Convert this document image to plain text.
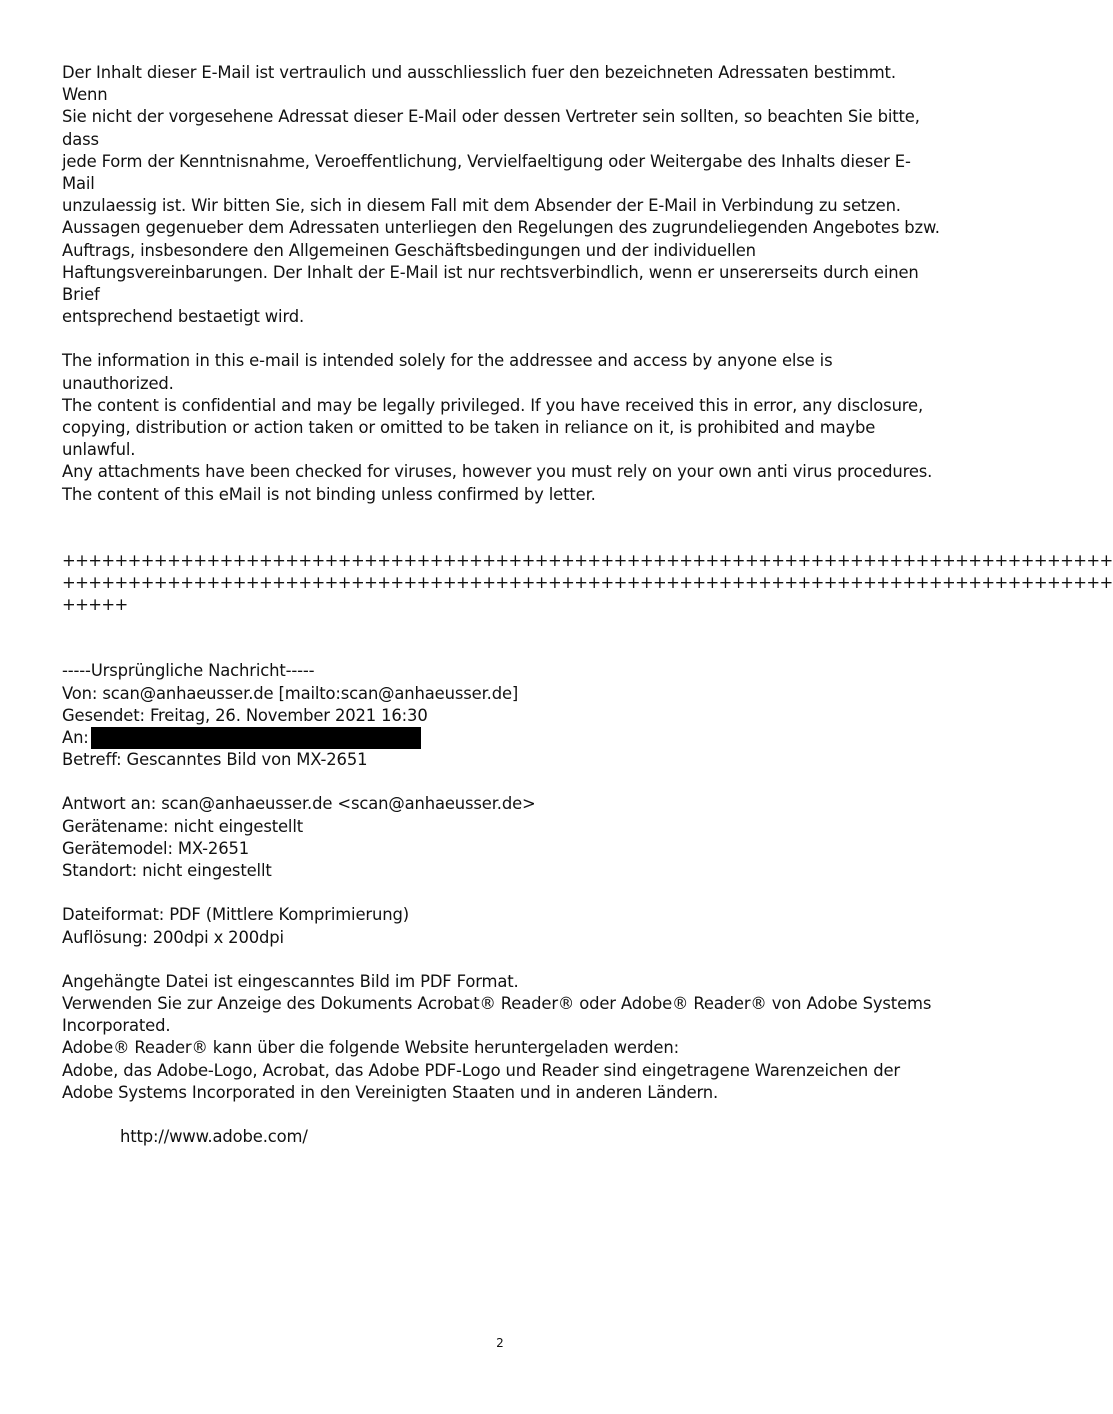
Der Inhalt dieser E-Mail ist vertraulich und ausschliesslich fuer den bezeichneten Adressaten bestimmt. Wenn
Sie nicht der vorgesehene Adressat dieser E-Mail oder dessen Vertreter sein sollten, so beachten Sie bitte, dass
jede Form der Kenntnisnahme, Veroeffentlichung, Vervielfaeltigung oder Weitergabe des Inhalts dieser E-Mail
unzulaessig ist. Wir bitten Sie, sich in diesem Fall mit dem Absender der E-Mail in Verbindung zu setzen.
Aussagen gegenueber dem Adressaten unterliegen den Regelungen des zugrundeliegenden Angebotes bzw.
Auftrags, insbesondere den Allgemeinen Geschäftsbedingungen und der individuellen
Haftungsvereinbarungen. Der Inhalt der E-Mail ist nur rechtsverbindlich, wenn er unsererseits durch einen Brief
entsprechend bestaetigt wird.

The information in this e-mail is intended solely for the addressee and access by anyone else is unauthorized.
The content is confidential and may be legally privileged. If you have received this in error, any disclosure,
copying, distribution or action taken or omitted to be taken in reliance on it, is prohibited and maybe unlawful.
Any attachments have been checked for viruses, however you must rely on your own anti virus procedures.
The content of this eMail is not binding unless confirmed by letter.

++++++++++++++++++++++++++++++++++++++++++++++++++++++++++++++++++++++++++++++++

++++++++++++++++++++++++++++++++++++++++++++++++++++++++++++++++++++++++++++++++

+++++

-----Ursprüngliche Nachricht-----

Von: scan@anhaeusser.de [mailto:scan@anhaeusser.de]

Gesendet: Freitag, 26. November 2021 16:30

An:

Betreff: Gescanntes Bild von MX-2651

Antwort an: scan@anhaeusser.de <scan@anhaeusser.de>

Gerätename: nicht eingestellt

Gerätemodel: MX-2651

Standort: nicht eingestellt

Dateiformat: PDF (Mittlere Komprimierung)

Auflösung: 200dpi x 200dpi

Angehängte Datei ist eingescanntes Bild im PDF Format.
Verwenden Sie zur Anzeige des Dokuments Acrobat® Reader® oder Adobe® Reader® von Adobe Systems
Incorporated.
Adobe® Reader® kann über die folgende Website heruntergeladen werden:
Adobe, das Adobe-Logo, Acrobat, das Adobe PDF-Logo und Reader sind eingetragene Warenzeichen der
Adobe Systems Incorporated in den Vereinigten Staaten und in anderen Ländern.

http://www.adobe.com/

2
